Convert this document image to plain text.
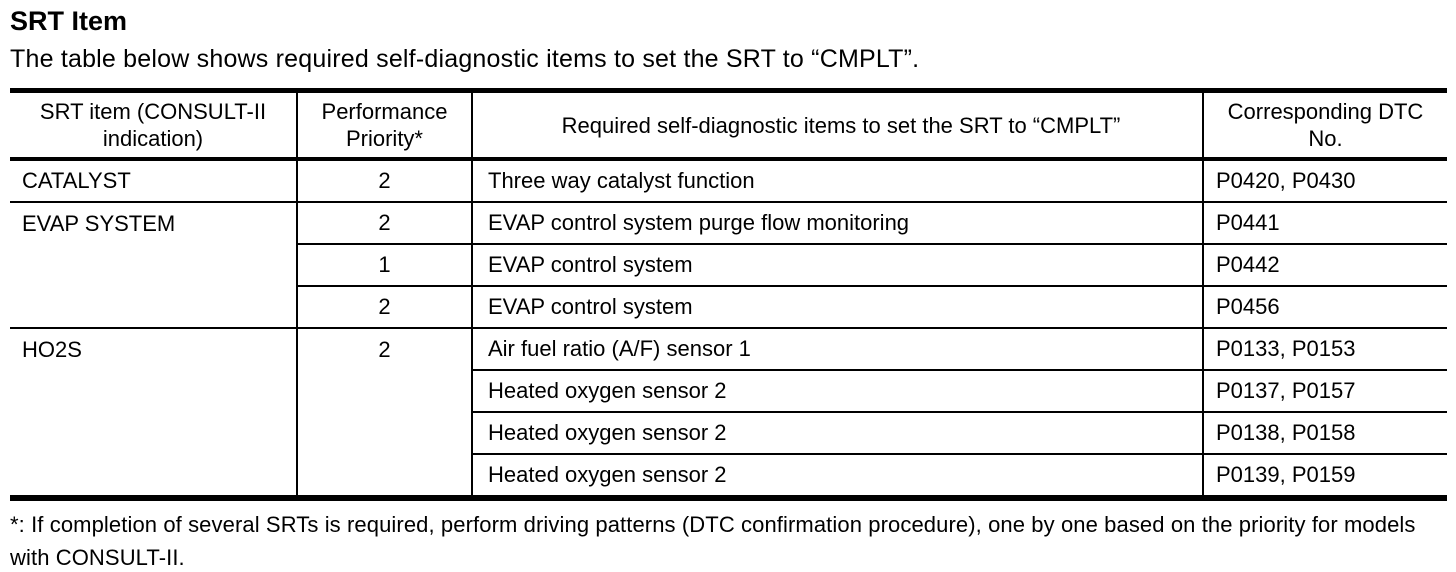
SRT Item

The table below shows required self-diagnostic items to set the SRT to “CMPLT”.

SRT item (CONSULT-II indication)	Performance Priority*	Required self-diagnostic items to set the SRT to “CMPLT”	Corresponding DTC No.
CATALYST	2	Three way catalyst function	P0420, P0430
EVAP SYSTEM	2	EVAP control system purge flow monitoring	P0441
	1	EVAP control system	P0442
	2	EVAP control system	P0456
HO2S	2	Air fuel ratio (A/F) sensor 1	P0133, P0153
		Heated oxygen sensor 2	P0137, P0157
		Heated oxygen sensor 2	P0138, P0158
		Heated oxygen sensor 2	P0139, P0159

*: If completion of several SRTs is required, perform driving patterns (DTC confirmation procedure), one by one based on the priority for models with CONSULT-II.
